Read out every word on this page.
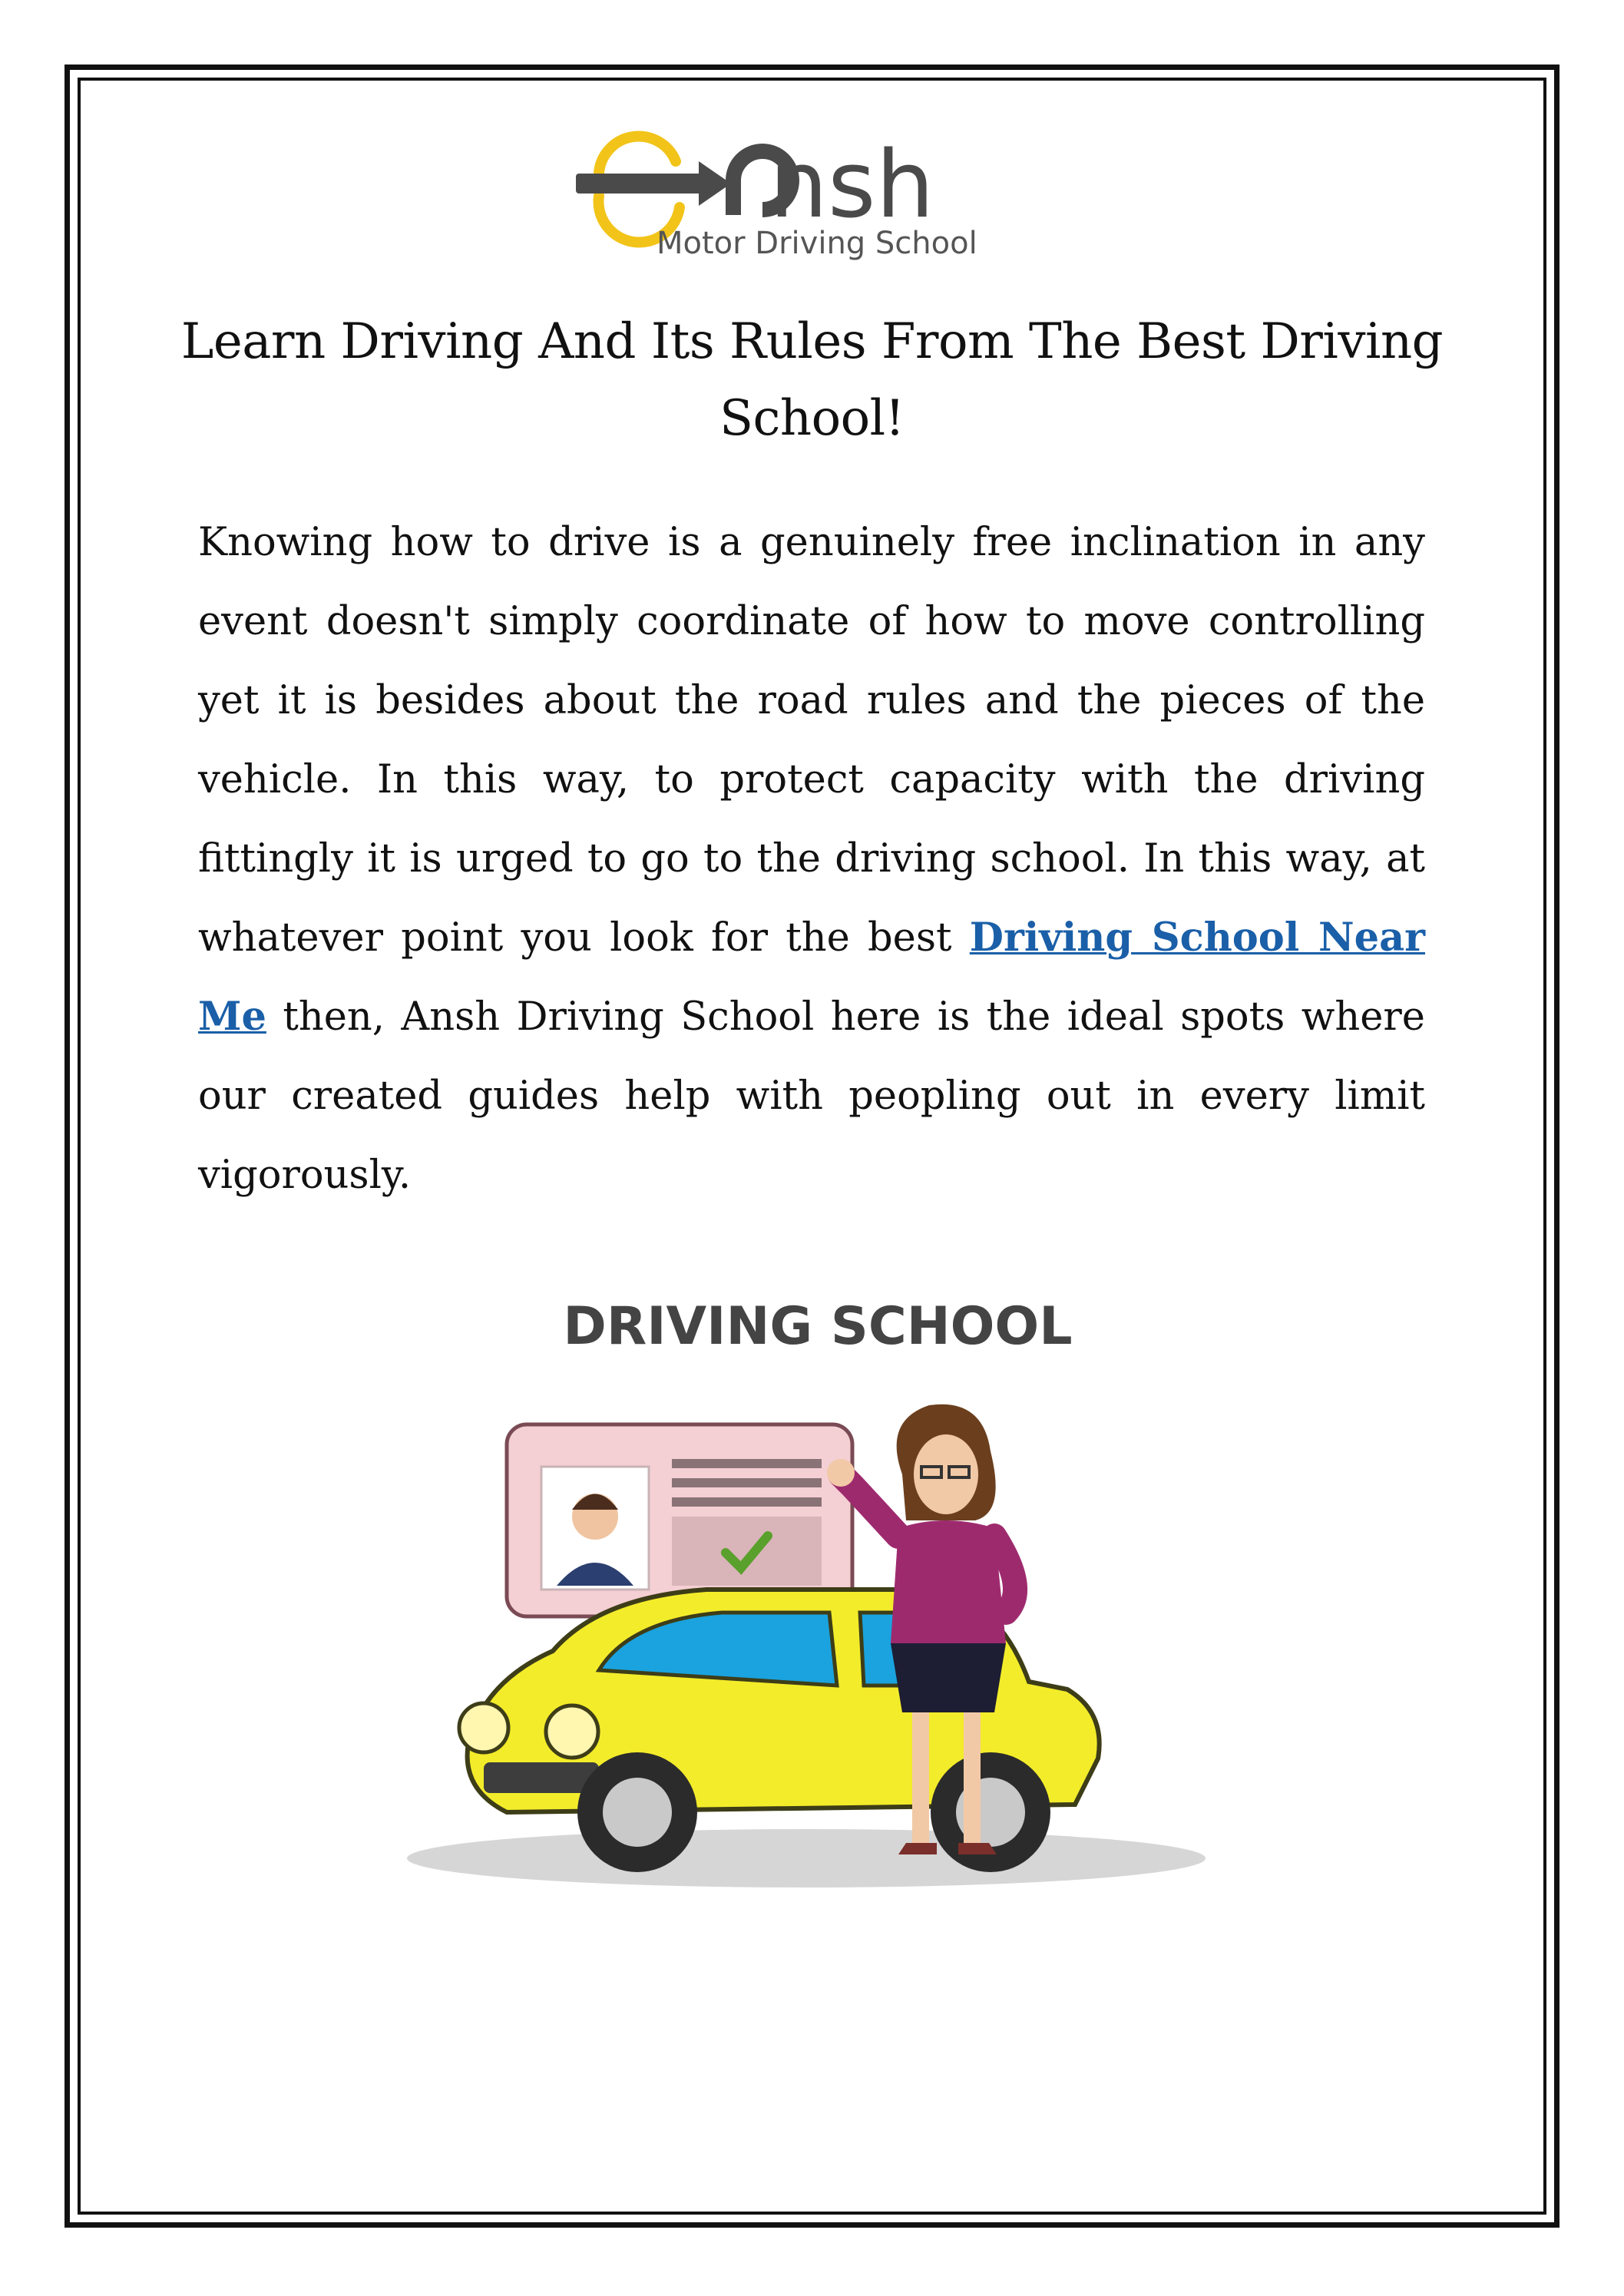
nsh
Motor Driving School
Learn Driving And Its Rules From The Best Driving School!

Knowing how to drive is a genuinely free inclination in any event doesn't simply coordinate of how to move controlling yet it is besides about the road rules and the pieces of the vehicle. In this way, to protect capacity with the driving fittingly it is urged to go to the driving school. In this way, at whatever point you look for the best Driving School Near Me then, Ansh Driving School here is the ideal spots where our created guides help with peopling out in every limit vigorously.

DRIVING SCHOOL
